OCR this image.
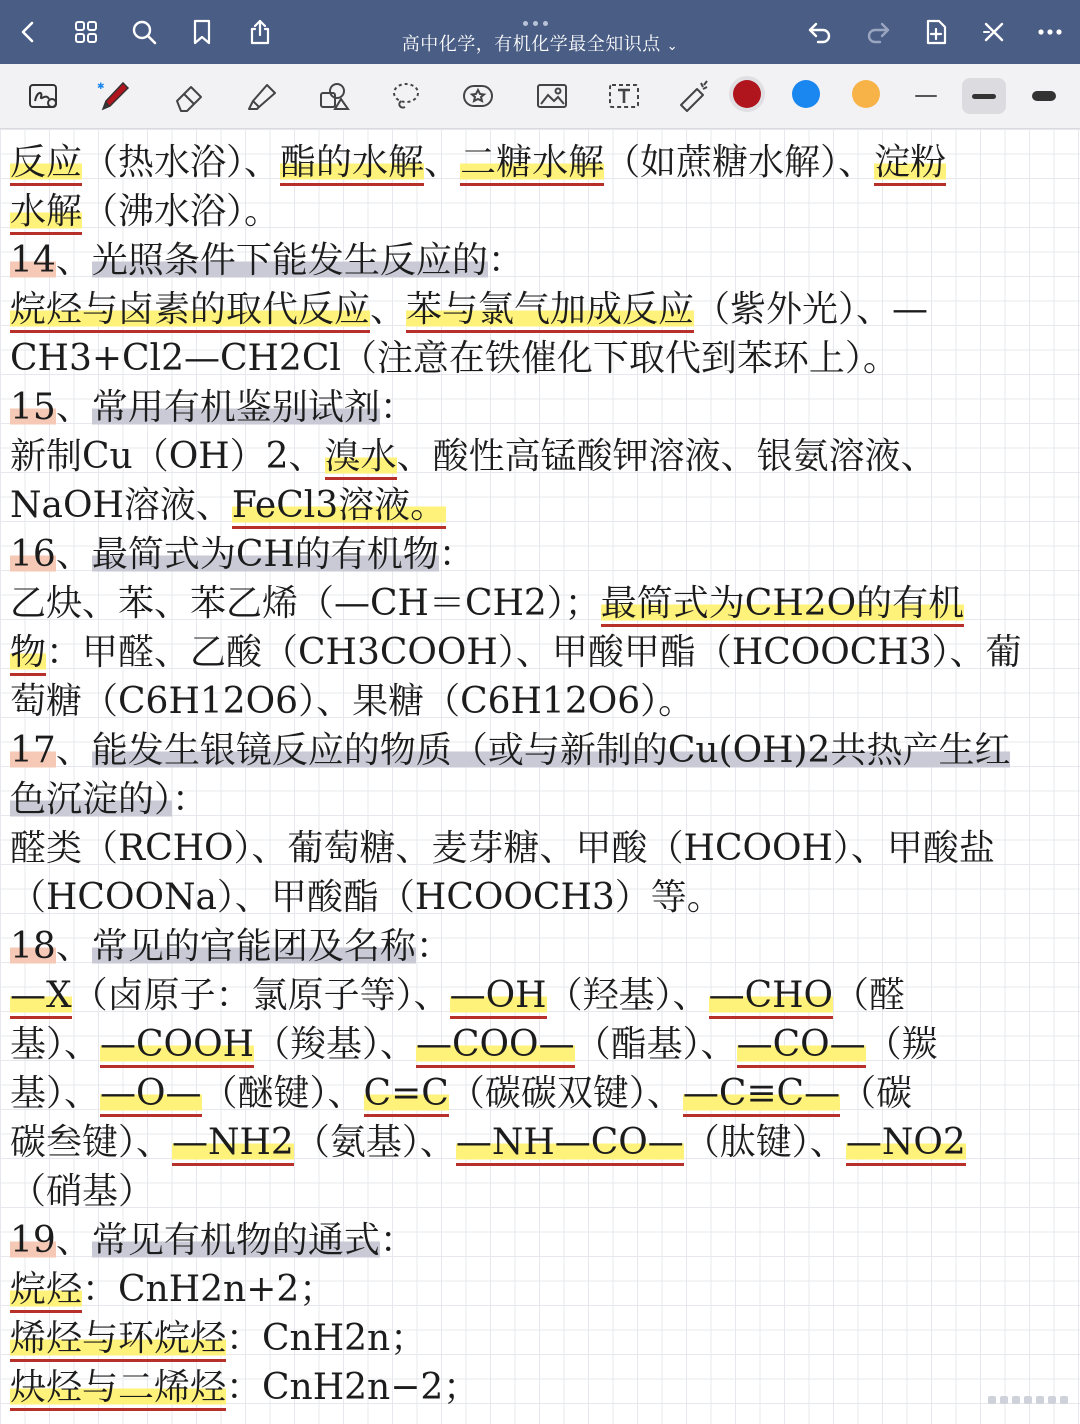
高中化学，有机化学最全知识点 ⌄
✱
反应（热水浴）、酯的水解、二糖水解（如蔗糖水解）、淀粉
水解（沸水浴）。
14、光照条件下能发生反应的：
烷烃与卤素的取代反应、苯与氯气加成反应（紫外光）、—
CH3+Cl2—CH2Cl（注意在铁催化下取代到苯环上）。
15、常用有机鉴别试剂：
新制Cu（OH）2、溴水、酸性高锰酸钾溶液、银氨溶液、
NaOH溶液、FeCl3溶液。
16、最简式为CH的有机物：
乙炔、苯、苯乙烯（—CH＝CH2）；最简式为CH2O的有机
物：甲醛、乙酸（CH3COOH）、甲酸甲酯（HCOOCH3）、葡
萄糖（C6H12O6）、果糖（C6H12O6）。
17、能发生银镜反应的物质（或与新制的Cu(OH)2共热产生红
色沉淀的）：
醛类（RCHO）、葡萄糖、麦芽糖、甲酸（HCOOH）、甲酸盐
（HCOONa）、甲酸酯（HCOOCH3）等。
18、常见的官能团及名称：
—X（卤原子：氯原子等）、—OH（羟基）、—CHO（醛
基）、—COOH（羧基）、—COO—（酯基）、—CO—（羰
基）、—O—（醚键）、C=C（碳碳双键）、—C≡C—（碳
碳叁键）、—NH2（氨基）、—NH—CO—（肽键）、—NO2
（硝基）
19、常见有机物的通式：
烷烃：CnH2n+2；
烯烃与环烷烃：CnH2n；
炔烃与二烯烃：CnH2n−2；
